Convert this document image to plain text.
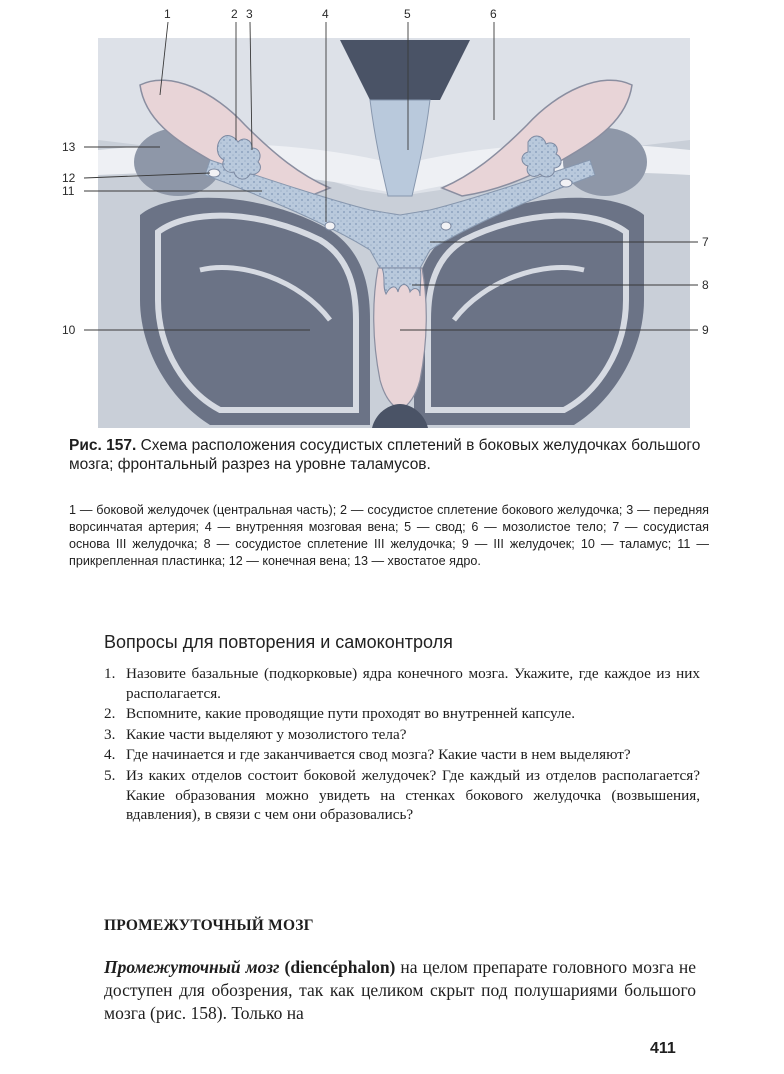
1	2 3	4	5	6
7
8
9
10
11
12
13
Рис. 157. Схема расположения сосудистых сплетений в боковых желудочках большого мозга; фронтальный разрез на уровне таламусов.
1 — боковой желудочек (центральная часть); 2 — сосудистое сплетение бокового желудочка; 3 — передняя ворсинчатая артерия; 4 — внутренняя мозговая вена; 5 — свод; 6 — мозолистое тело; 7 — сосудистая основа III желудочка; 8 — сосудистое сплетение III желудочка; 9 — III желудочек; 10 — таламус; 11 — прикрепленная пластинка; 12 — конечная вена; 13 — хвостатое ядро.
Вопросы для повторения и самоконтроля
1. Назовите базальные (подкорковые) ядра конечного мозга. Укажите, где каждое из них располагается.
2. Вспомните, какие проводящие пути проходят во внутренней капсуле.
3. Какие части выделяют у мозолистого тела?
4. Где начинается и где заканчивается свод мозга? Какие части в нем выделяют?
5. Из каких отделов состоит боковой желудочек? Где каждый из отделов располагается? Какие образования можно увидеть на стенках бокового желудочка (возвышения, вдавления), в связи с чем они образовались?
ПРОМЕЖУТОЧНЫЙ МОЗГ
Промежуточный мозг (diencéphalon) на целом препарате головного мозга не доступен для обозрения, так как целиком скрыт под полушариями большого мозга (рис. 158). Только на
411
